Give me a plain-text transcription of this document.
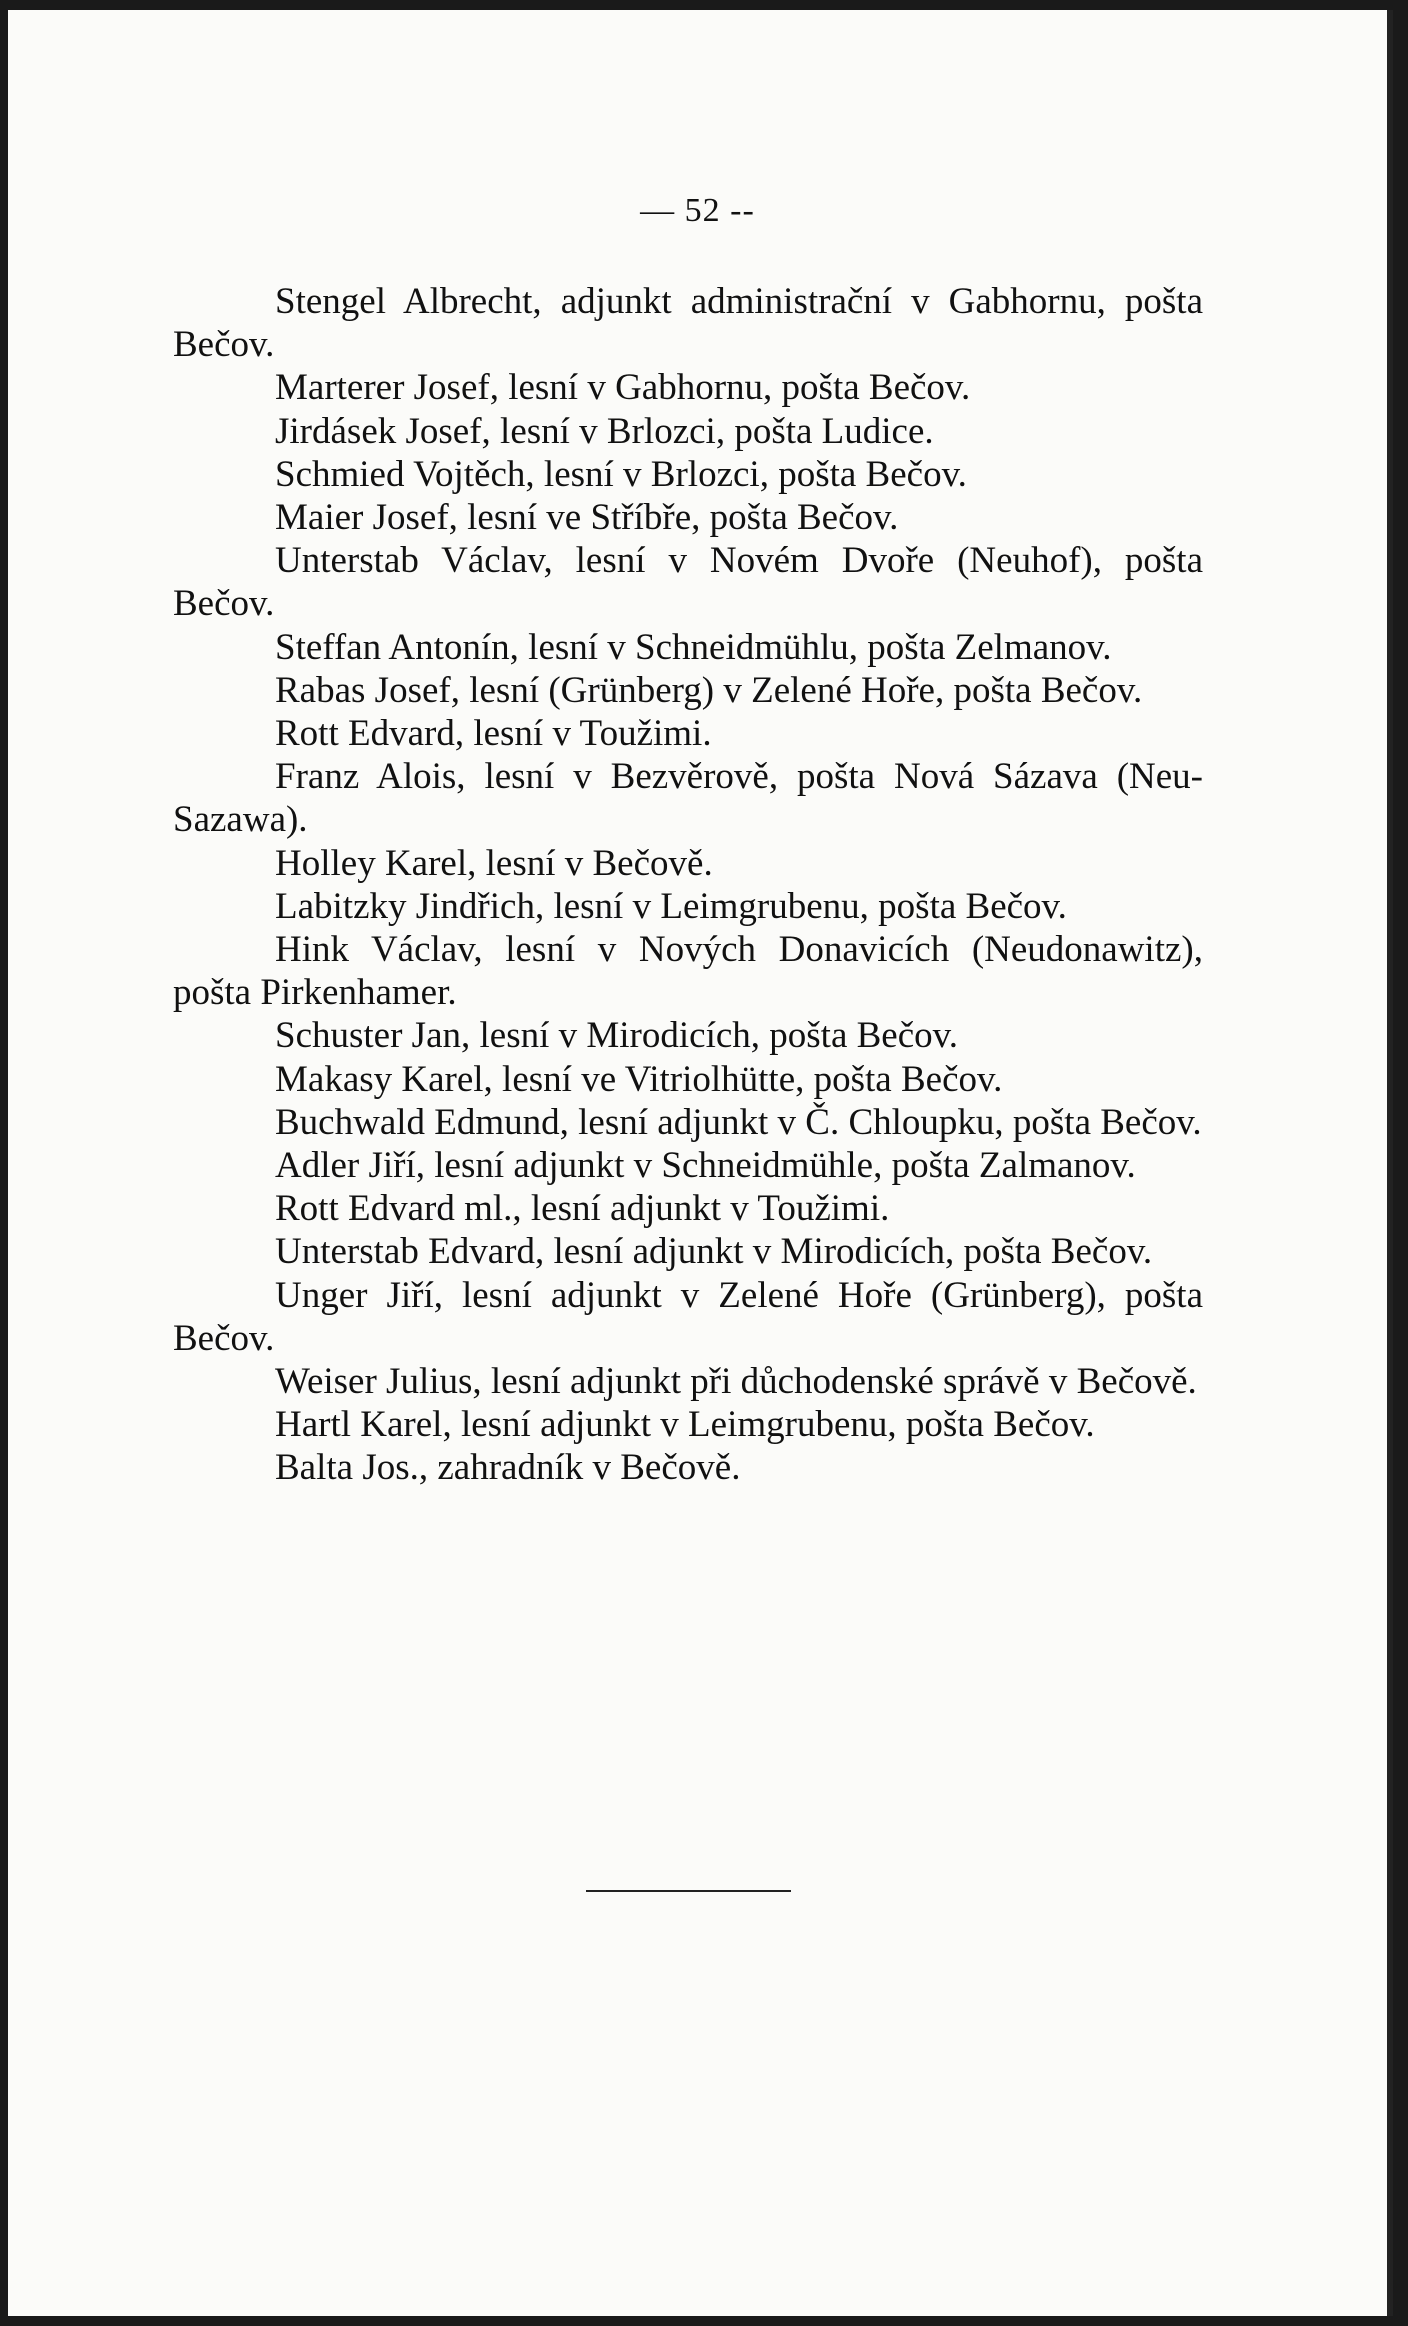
— 52 --

Stengel Albrecht, adjunkt administrační v Gabhornu, pošta Bečov.

Marterer Josef, lesní v Gabhornu, pošta Bečov.

Jirdásek Josef, lesní v Brlozci, pošta Ludice.

Schmied Vojtěch, lesní v Brlozci, pošta Bečov.

Maier Josef, lesní ve Stříbře, pošta Bečov.

Unterstab Václav, lesní v Novém Dvoře (Neuhof), pošta Bečov.

Steffan Antonín, lesní v Schneidmühlu, pošta Zelmanov.

Rabas Josef, lesní (Grünberg) v Zelené Hoře, pošta Bečov.

Rott Edvard, lesní v Toužimi.

Franz Alois, lesní v Bezvěrově, pošta Nová Sázava (Neu-Sazawa).

Holley Karel, lesní v Bečově.

Labitzky Jindřich, lesní v Leimgrubenu, pošta Bečov.

Hink Václav, lesní v Nových Donavicích (Neudonawitz), pošta Pirkenhamer.

Schuster Jan, lesní v Mirodicích, pošta Bečov.

Makasy Karel, lesní ve Vitriolhütte, pošta Bečov.

Buchwald Edmund, lesní adjunkt v Č. Chloupku, pošta Bečov.

Adler Jiří, lesní adjunkt v Schneidmühle, pošta Zalmanov.

Rott Edvard ml., lesní adjunkt v Toužimi.

Unterstab Edvard, lesní adjunkt v Mirodicích, pošta Bečov.

Unger Jiří, lesní adjunkt v Zelené Hoře (Grünberg), pošta Bečov.

Weiser Julius, lesní adjunkt při důchodenské správě v Bečově.

Hartl Karel, lesní adjunkt v Leimgrubenu, pošta Bečov.

Balta Jos., zahradník v Bečově.
